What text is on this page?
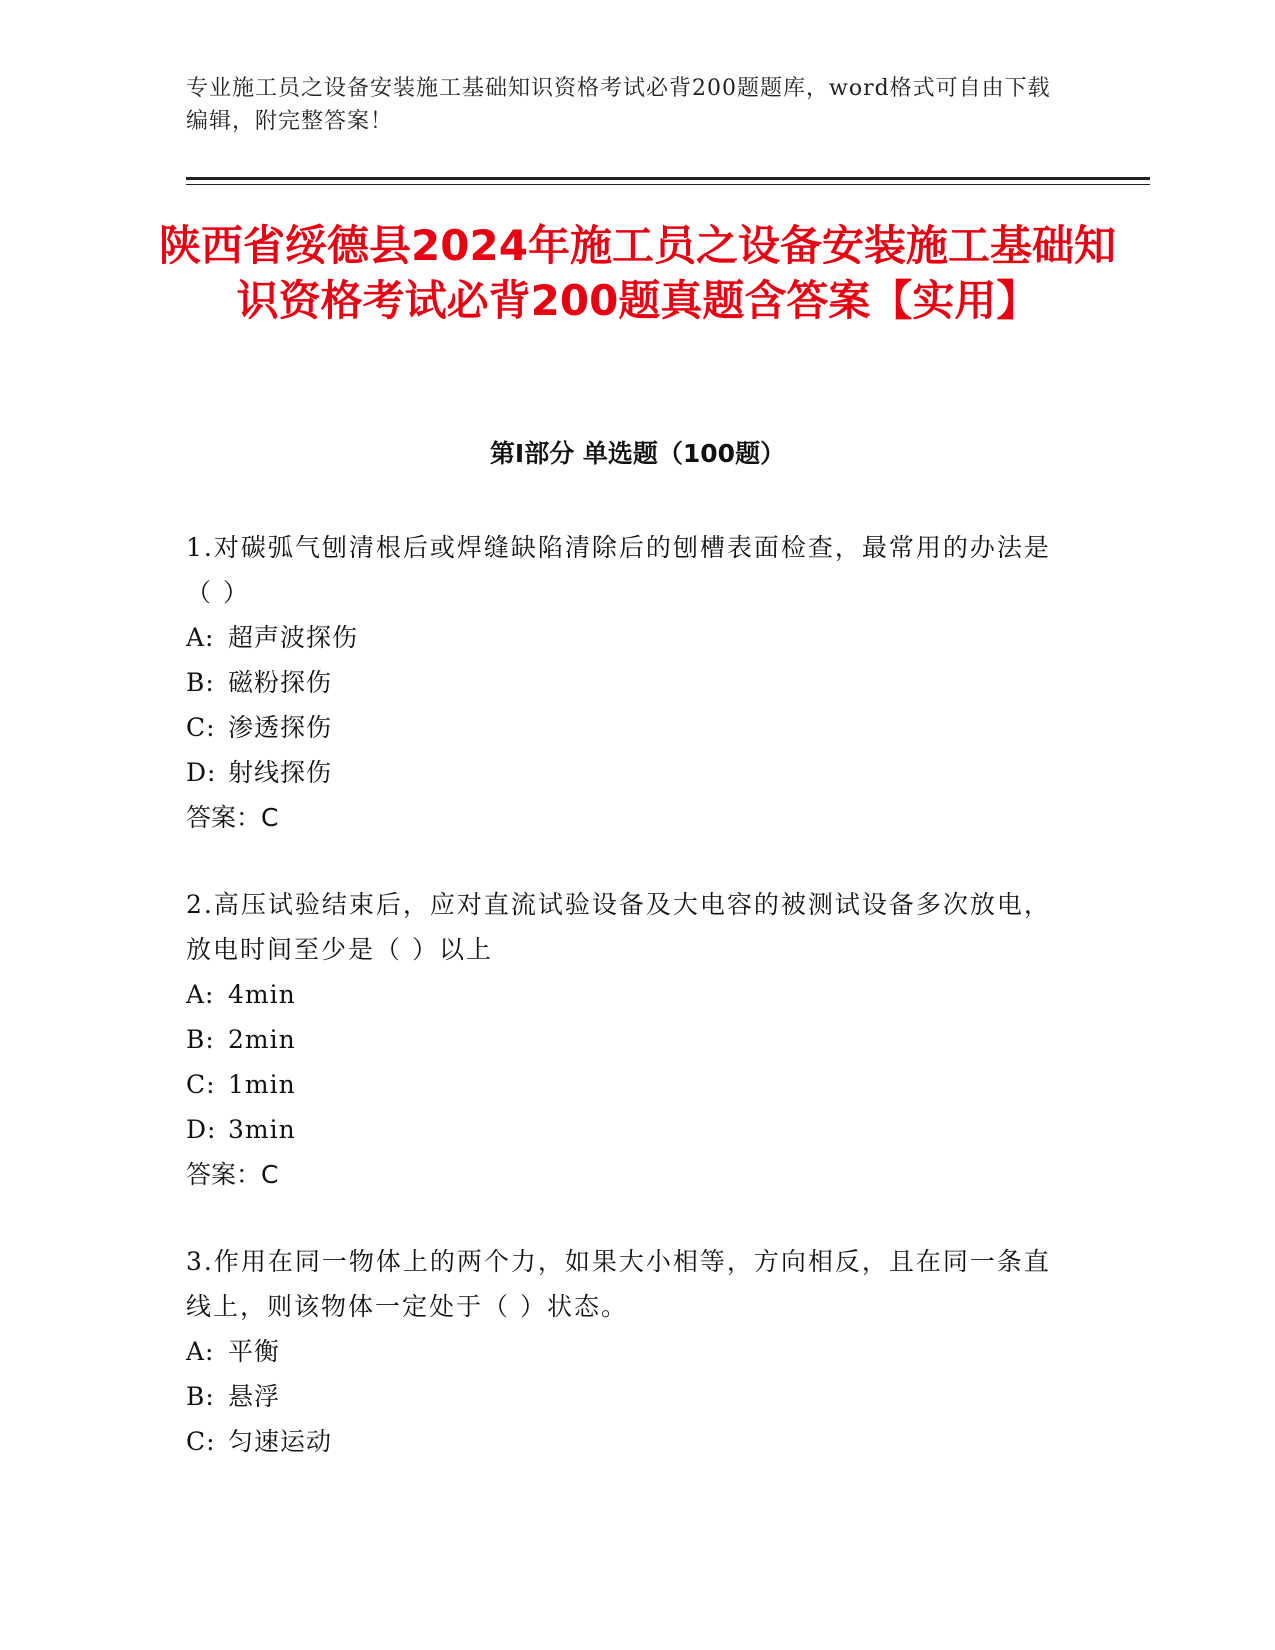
专业施工员之设备安装施工基础知识资格考试必背200题题库，word格式可自由下载编辑，附完整答案！
陕西省绥德县2024年施工员之设备安装施工基础知识资格考试必背200题真题含答案【实用】
第Ⅰ部分 单选题（100题）

1.对碳弧气刨清根后或焊缝缺陷清除后的刨槽表面检查，最常用的办法是（ ）

A: 超声波探伤

B: 磁粉探伤

C: 渗透探伤

D: 射线探伤

答案：C

2.高压试验结束后，应对直流试验设备及大电容的被测试设备多次放电，放电时间至少是（ ）以上

A: 4min

B: 2min

C: 1min

D: 3min

答案：C

3.作用在同一物体上的两个力，如果大小相等，方向相反，且在同一条直线上，则该物体一定处于（ ）状态。

A: 平衡

B: 悬浮

C: 匀速运动
